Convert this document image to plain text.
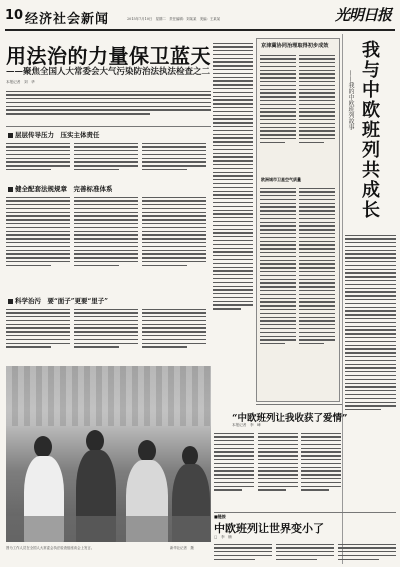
10 经济社会新闻	2015年7月10日　星期二　责任编辑：刘某某　美编：王某某	光明日报
用法治的力量保卫蓝天
——聚焦全国人大常委会大气污染防治法执法检查之二
本报记者　刘　华
层层传导压力　压实主体责任
健全配套法规规章　完善标准体系
科学治污　要“面子”更要“里子”
京津冀协同治理取得初步成效
欧洲城市卫星空气质量	我与中欧班列共成长
——我的中欧班列故事
“中欧班列让我收获了爱情”
本报记者　李　峰
■链接
中欧班列让世界变小了
□　李　楠
图为工作人员在全国人大常委会执法检查组座谈会上发言。	新华社记者　摄
